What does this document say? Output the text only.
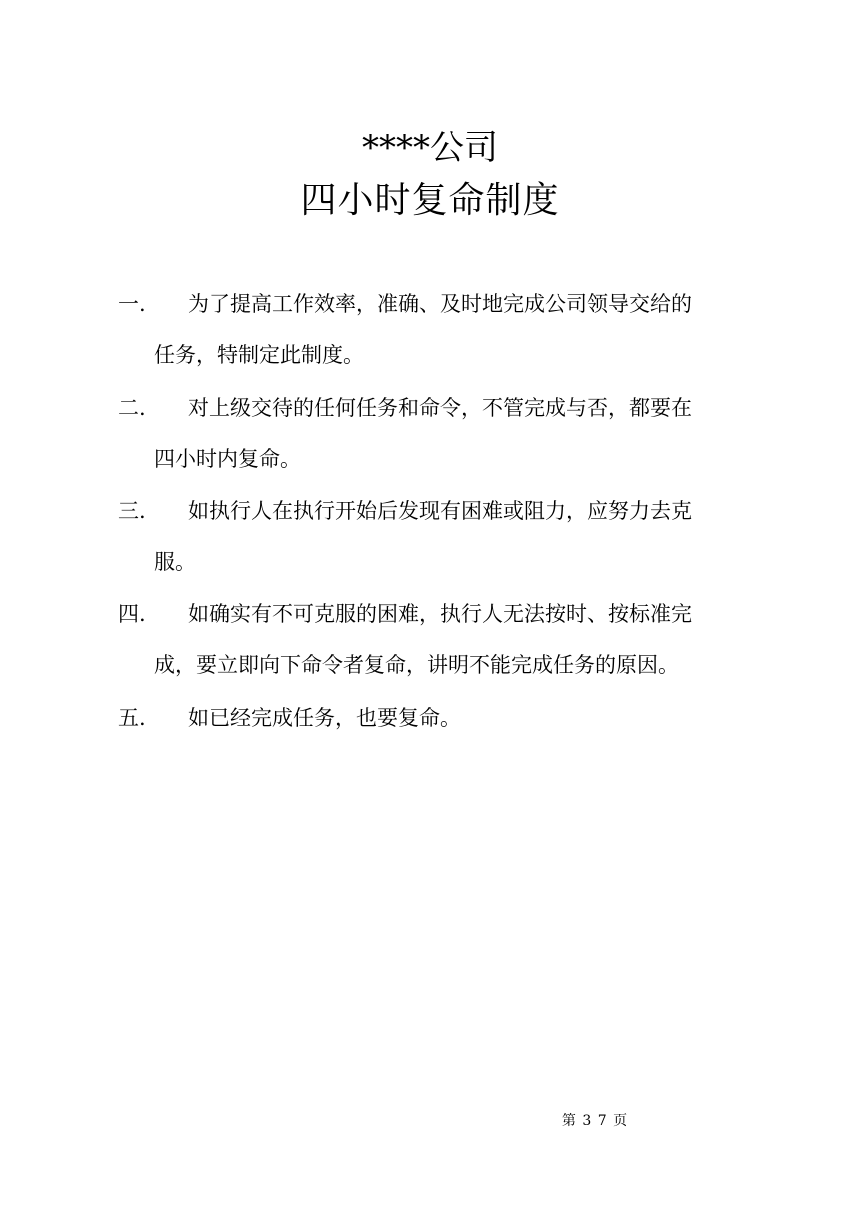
****公司
四小时复命制度
一.	为了提高工作效率，准确、及时地完成公司领导交给的
任务，特制定此制度。
二.	对上级交待的任何任务和命令，不管完成与否，都要在
四小时内复命。
三.	如执行人在执行开始后发现有困难或阻力，应努力去克
服。
四.	如确实有不可克服的困难，执行人无法按时、按标准完
成，要立即向下命令者复命，讲明不能完成任务的原因。
五.	如已经完成任务，也要复命。
第 3 7 页
